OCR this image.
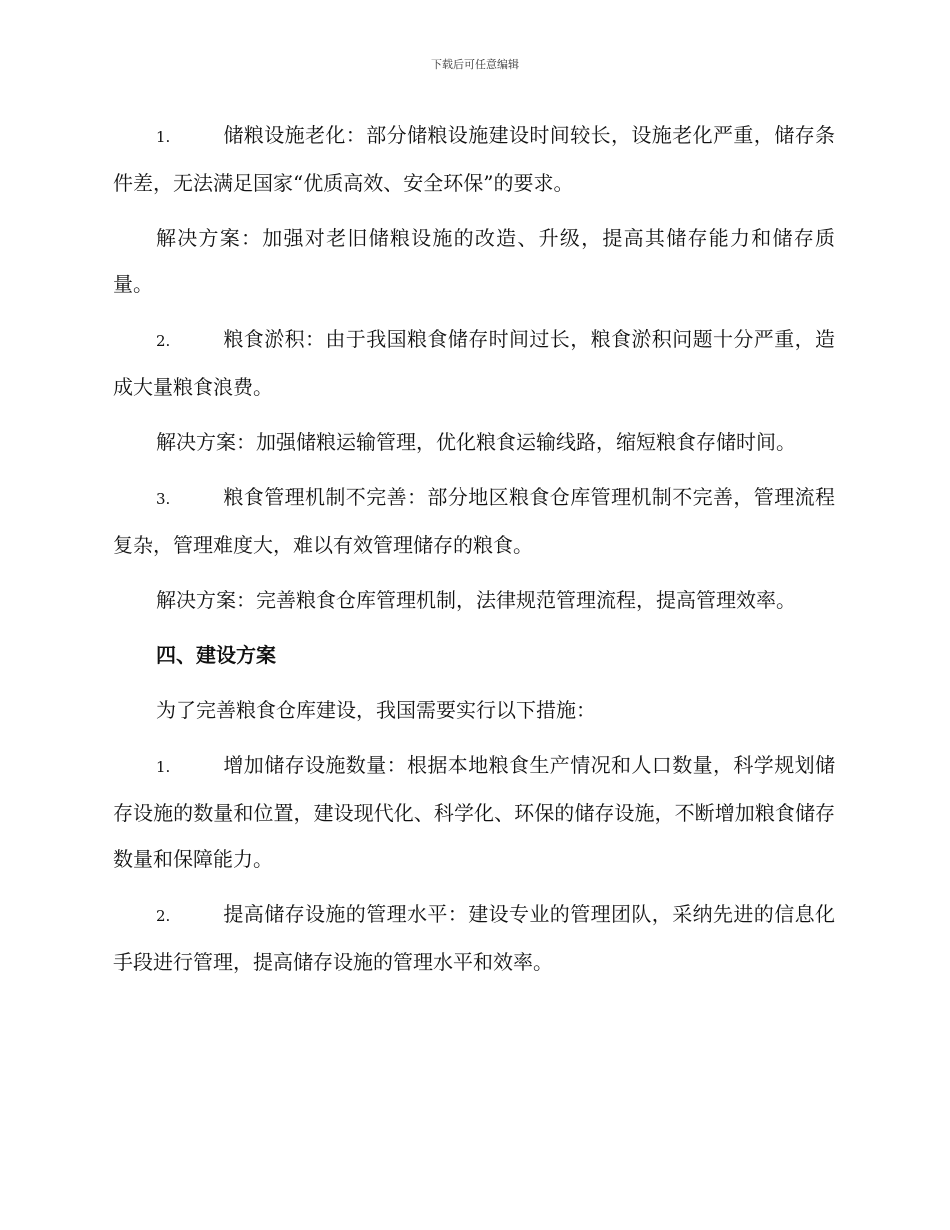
下载后可任意编辑

1.	储粮设施老化：部分储粮设施建设时间较长，设施老化严重，储存条件差，无法满足国家“优质高效、安全环保”的要求。

解决方案：加强对老旧储粮设施的改造、升级，提高其储存能力和储存质量。

2.	粮食淤积：由于我国粮食储存时间过长，粮食淤积问题十分严重，造成大量粮食浪费。

解决方案：加强储粮运输管理，优化粮食运输线路，缩短粮食存储时间。

3.	粮食管理机制不完善：部分地区粮食仓库管理机制不完善，管理流程复杂，管理难度大，难以有效管理储存的粮食。

解决方案：完善粮食仓库管理机制，法律规范管理流程，提高管理效率。

四、建设方案

为了完善粮食仓库建设，我国需要实行以下措施：

1.	增加储存设施数量：根据本地粮食生产情况和人口数量，科学规划储存设施的数量和位置，建设现代化、科学化、环保的储存设施，不断增加粮食储存数量和保障能力。

2.	提高储存设施的管理水平：建设专业的管理团队，采纳先进的信息化手段进行管理，提高储存设施的管理水平和效率。
